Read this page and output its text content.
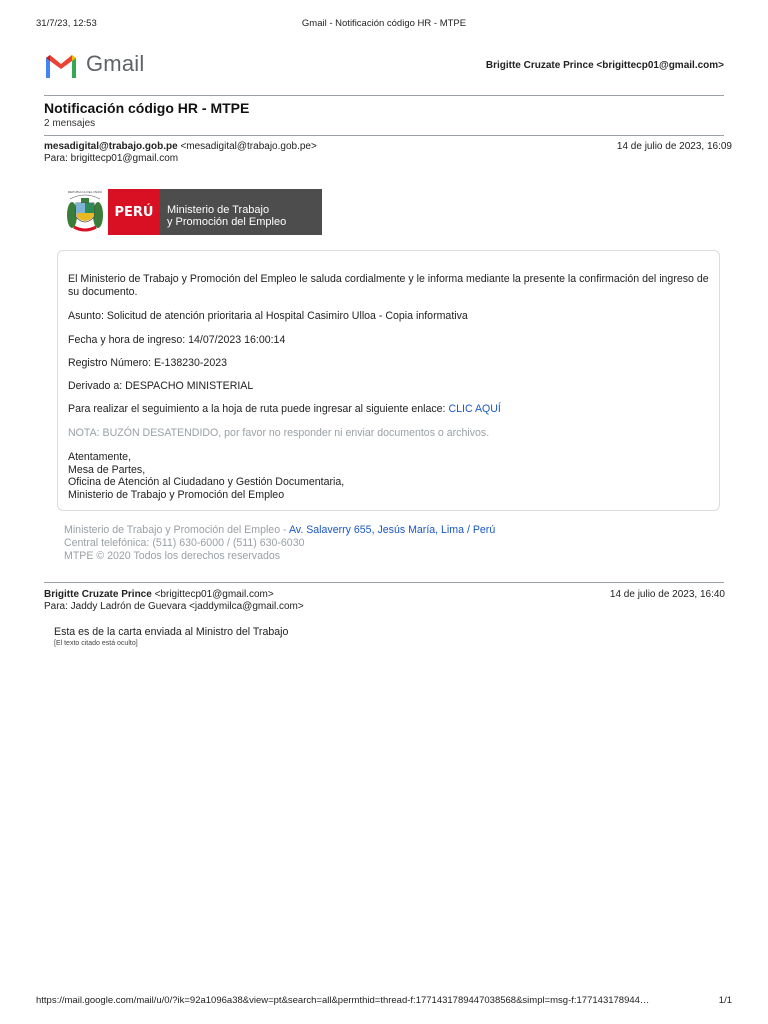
31/7/23, 12:53	Gmail - Notificación código HR - MTPE
Gmail	Brigitte Cruzate Prince <brigittecp01@gmail.com>
Notificación código HR - MTPE
2 mensajes
mesadigital@trabajo.gob.pe <mesadigital@trabajo.gob.pe>
Para: brigittecp01@gmail.com
14 de julio de 2023, 16:09
REPÚBLICA DEL PERÚ
PERÚ	Ministerio de Trabajo
y Promoción del Empleo
El Ministerio de Trabajo y Promoción del Empleo le saluda cordialmente y le informa mediante la presente la confirmación del ingreso de su documento.
Asunto: Solicitud de atención prioritaria al Hospital Casimiro Ulloa - Copia informativa
Fecha y hora de ingreso: 14/07/2023 16:00:14
Registro Número: E-138230-2023
Derivado a: DESPACHO MINISTERIAL
Para realizar el seguimiento a la hoja de ruta puede ingresar al siguiente enlace: CLIC AQUÍ
NOTA: BUZÓN DESATENDIDO, por favor no responder ni enviar documentos o archivos.
Atentamente,
Mesa de Partes,
Oficina de Atención al Ciudadano y Gestión Documentaria,
Ministerio de Trabajo y Promoción del Empleo
Ministerio de Trabajo y Promoción del Empleo - Av. Salaverry 655, Jesús María, Lima / Perú
Central telefónica: (511) 630-6000 / (511) 630-6030
MTPE © 2020 Todos los derechos reservados
Brigitte Cruzate Prince <brigittecp01@gmail.com>
Para: Jaddy Ladrón de Guevara <jaddymilca@gmail.com>
14 de julio de 2023, 16:40
Esta es de la carta enviada al Ministro del Trabajo
[El texto citado está oculto]
https://mail.google.com/mail/u/0/?ik=92a1096a38&view=pt&search=all&permthid=thread-f:1771431789447038568&simpl=msg-f:177143178944…	1/1
